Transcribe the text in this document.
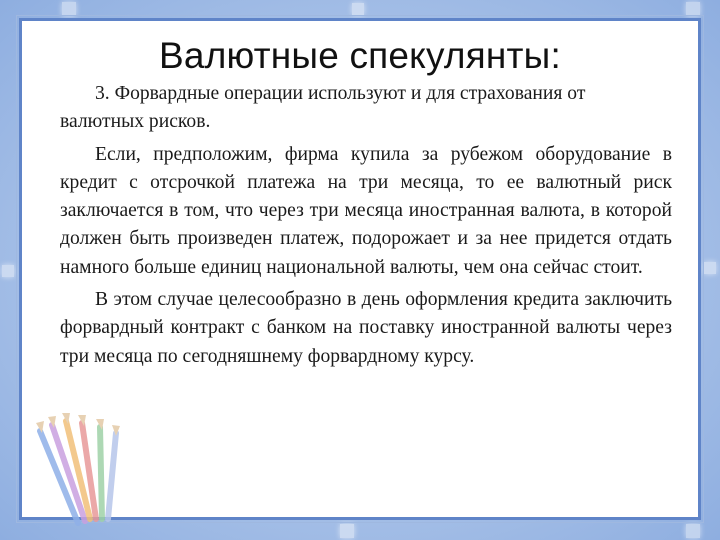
Валютные спекулянты:

3. Форвардные операции используют и для страхования от валютных рисков.

Если, предположим, фирма купила за рубежом оборудование в кредит с отсрочкой платежа на три месяца, то ее валютный риск заключается в том, что через три месяца иностранная валюта, в которой должен быть произведен платеж, подорожает и за нее придется отдать намного больше единиц национальной валюты, чем она сейчас стоит.

В этом случае целесообразно в день оформления кредита заключить форвардный контракт с банком на поставку иностранной валюты через три месяца по сегодняшнему форвардному курсу.
